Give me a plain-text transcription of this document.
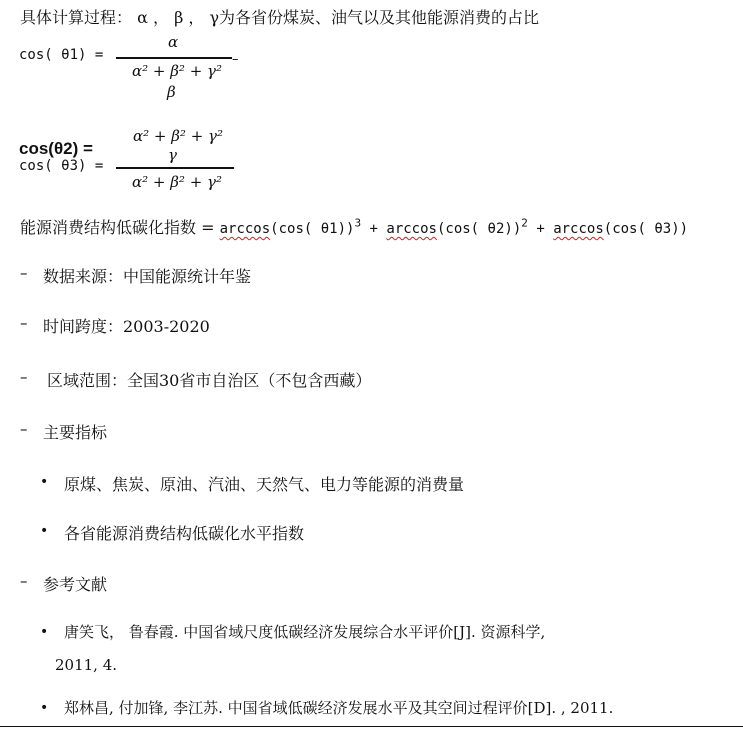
具体计算过程： α ， β ， γ为各省份煤炭、油气以及其他能源消费的占比
cos( θ1) =
α
α² + β² + γ²
–
β
α² + β² + γ²
cos(θ2) =	γ
cos( θ3) =
α² + β² + γ²
能源消费结构低碳化指数 = arccos(cos( θ1))$^3$ + arccos(cos( θ2))$^2$ + arccos(cos( θ3))
– 数据来源：中国能源统计年鉴
– 时间跨度：2003-2020
– 区域范围：全国30省市自治区（不包含西藏）
– 主要指标
• 原煤、焦炭、原油、汽油、天然气、电力等能源的消费量
• 各省能源消费结构低碳化水平指数
– 参考文献
• 唐笑飞， 鲁春霞. 中国省域尺度低碳经济发展综合水平评价[J]. 资源科学,
2011, 4.
• 郑林昌, 付加锋, 李江苏. 中国省域低碳经济发展水平及其空间过程评价[D]. , 2011.
